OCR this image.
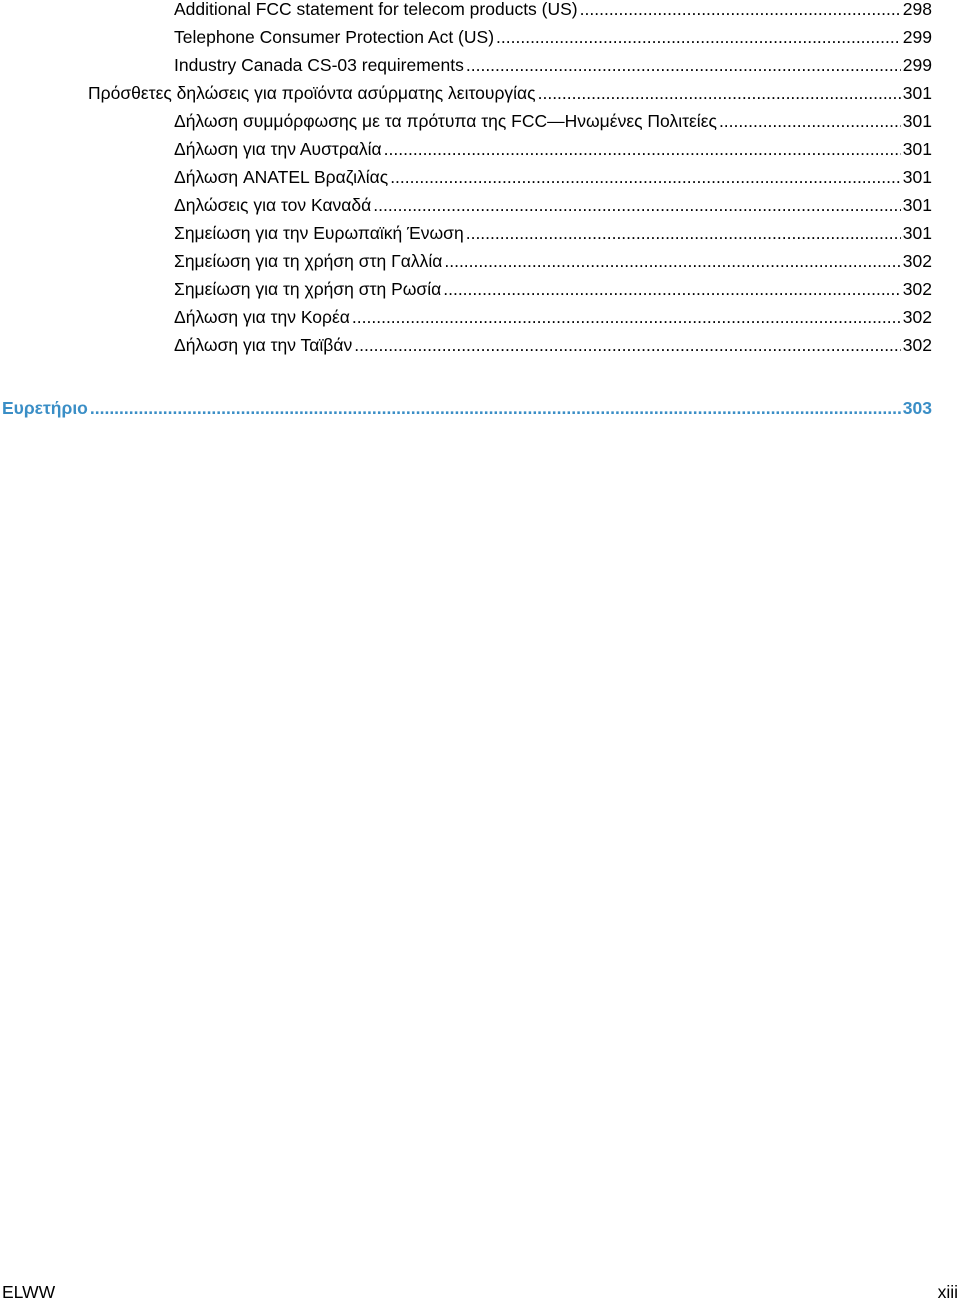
Additional FCC statement for telecom products (US) .....	298
Telephone Consumer Protection Act (US) .....	299
Industry Canada CS-03 requirements .....	299
Πρόσθετες δηλώσεις για προϊόντα ασύρματης λειτουργίας .....	301
Δήλωση συμμόρφωσης με τα πρότυπα της FCC—Ηνωμένες Πολιτείες .....	301
Δήλωση για την Αυστραλία .....	301
Δήλωση ANATEL Βραζιλίας .....	301
Δηλώσεις για τον Καναδά .....	301
Σημείωση για την Ευρωπαϊκή Ένωση .....	301
Σημείωση για τη χρήση στη Γαλλία .....	302
Σημείωση για τη χρήση στη Ρωσία .....	302
Δήλωση για την Κορέα .....	302
Δήλωση για την Ταϊβάν .....	302
Ευρετήριο .....	303
ELWW	xiii
